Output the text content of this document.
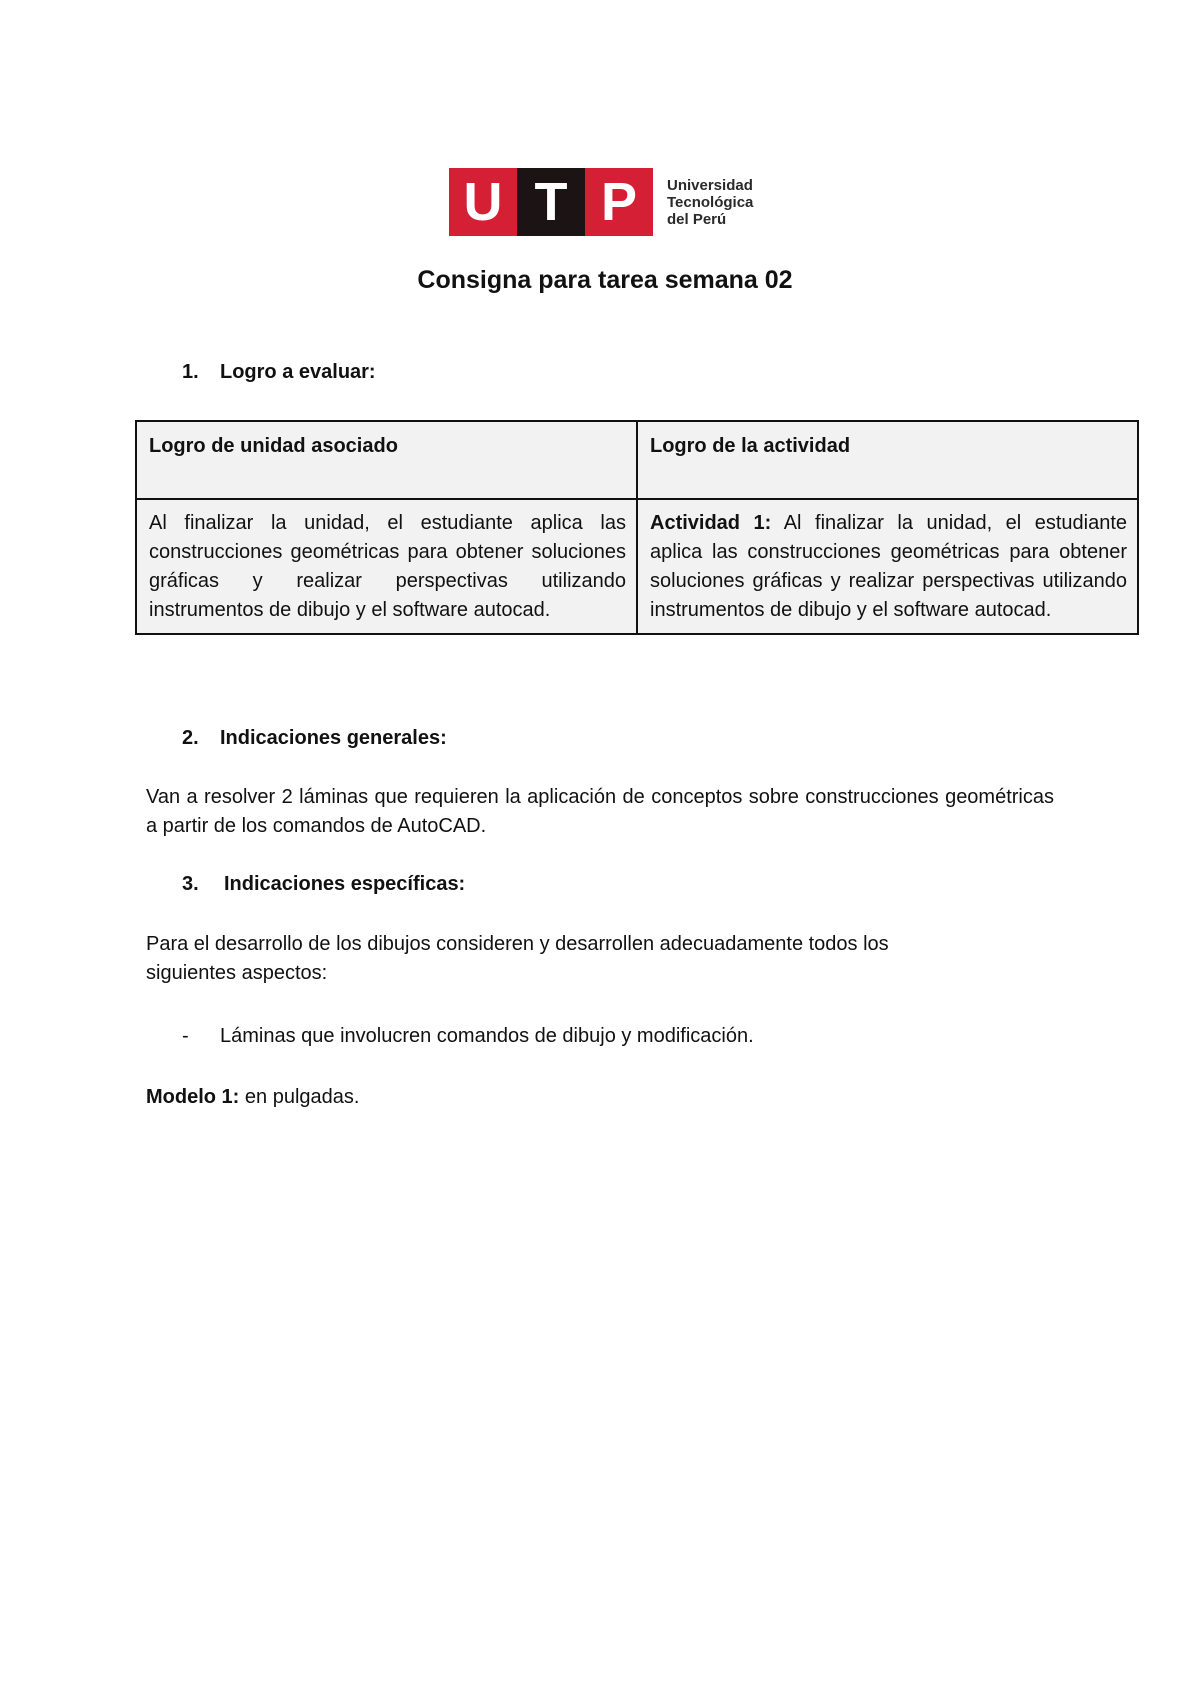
U T P	Universidad
Tecnológica
del Perú
Consigna para tarea semana 02
1. Logro a evaluar:
Logro de unidad asociado	Logro de la actividad
Al finalizar la unidad, el estudiante aplica las construcciones geométricas para obtener soluciones gráficas y realizar perspectivas utilizando instrumentos de dibujo y el software autocad.	Actividad 1: Al finalizar la unidad, el estudiante aplica las construcciones geométricas para obtener soluciones gráficas y realizar perspectivas utilizando instrumentos de dibujo y el software autocad.
2. Indicaciones generales:
Van a resolver 2 láminas que requieren la aplicación de conceptos sobre construcciones geométricas a partir de los comandos de AutoCAD.
3. Indicaciones específicas:
Para el desarrollo de los dibujos consideren y desarrollen adecuadamente todos los
siguientes aspectos:
- Láminas que involucren comandos de dibujo y modificación.
Modelo 1: en pulgadas.
